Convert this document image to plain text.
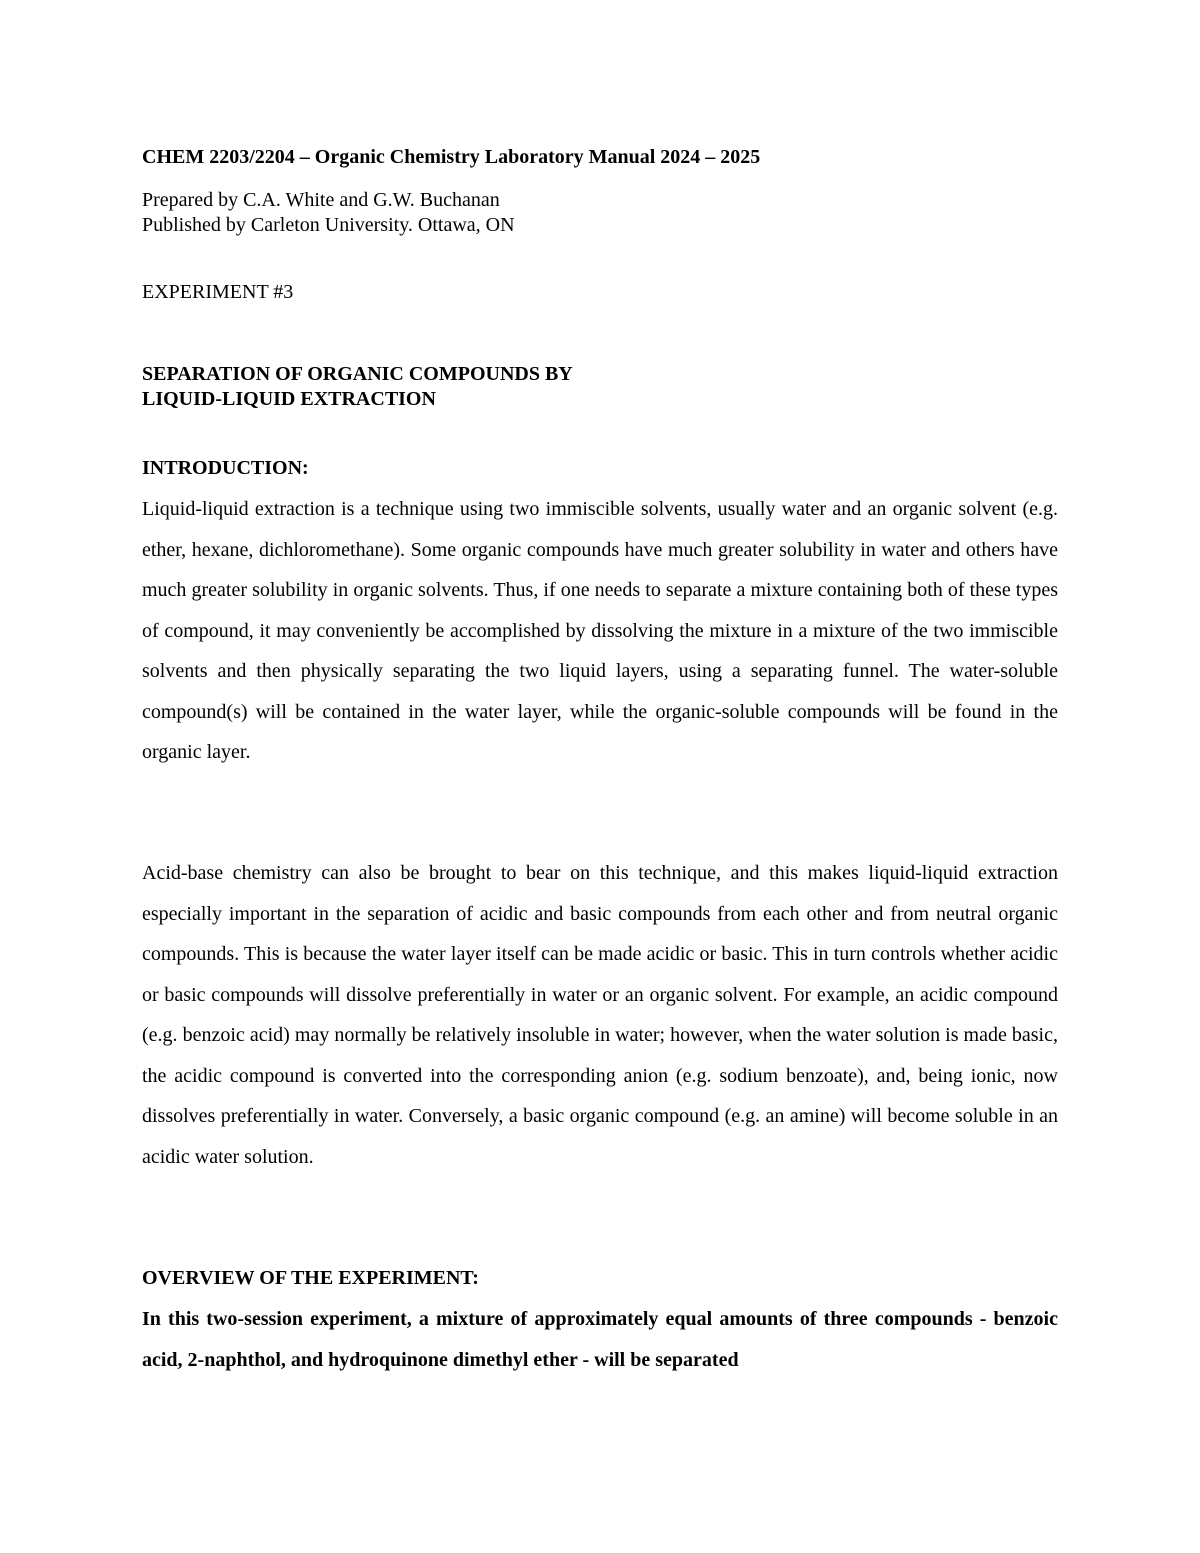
CHEM 2203/2204 – Organic Chemistry Laboratory Manual 2024 – 2025

Prepared by C.A. White and G.W. Buchanan

Published by Carleton University. Ottawa, ON

EXPERIMENT #3

SEPARATION OF ORGANIC COMPOUNDS BY

LIQUID-LIQUID EXTRACTION

INTRODUCTION:

Liquid-liquid extraction is a technique using two immiscible solvents, usually water and an organic solvent (e.g. ether, hexane, dichloromethane). Some organic compounds have much greater solubility in water and others have much greater solubility in organic solvents. Thus, if one needs to separate a mixture containing both of these types of compound, it may conveniently be accomplished by dissolving the mixture in a mixture of the two immiscible solvents and then physically separating the two liquid layers, using a separating funnel. The water-soluble compound(s) will be contained in the water layer, while the organic-soluble compounds will be found in the organic layer.

Acid-base chemistry can also be brought to bear on this technique, and this makes liquid-liquid extraction especially important in the separation of acidic and basic compounds from each other and from neutral organic compounds. This is because the water layer itself can be made acidic or basic. This in turn controls whether acidic or basic compounds will dissolve preferentially in water or an organic solvent. For example, an acidic compound (e.g. benzoic acid) may normally be relatively insoluble in water; however, when the water solution is made basic, the acidic compound is converted into the corresponding anion (e.g. sodium benzoate), and, being ionic, now dissolves preferentially in water. Conversely, a basic organic compound (e.g. an amine) will become soluble in an acidic water solution.

OVERVIEW OF THE EXPERIMENT:

In this two-session experiment, a mixture of approximately equal amounts of three compounds - benzoic acid, 2-naphthol, and hydroquinone dimethyl ether - will be separated
